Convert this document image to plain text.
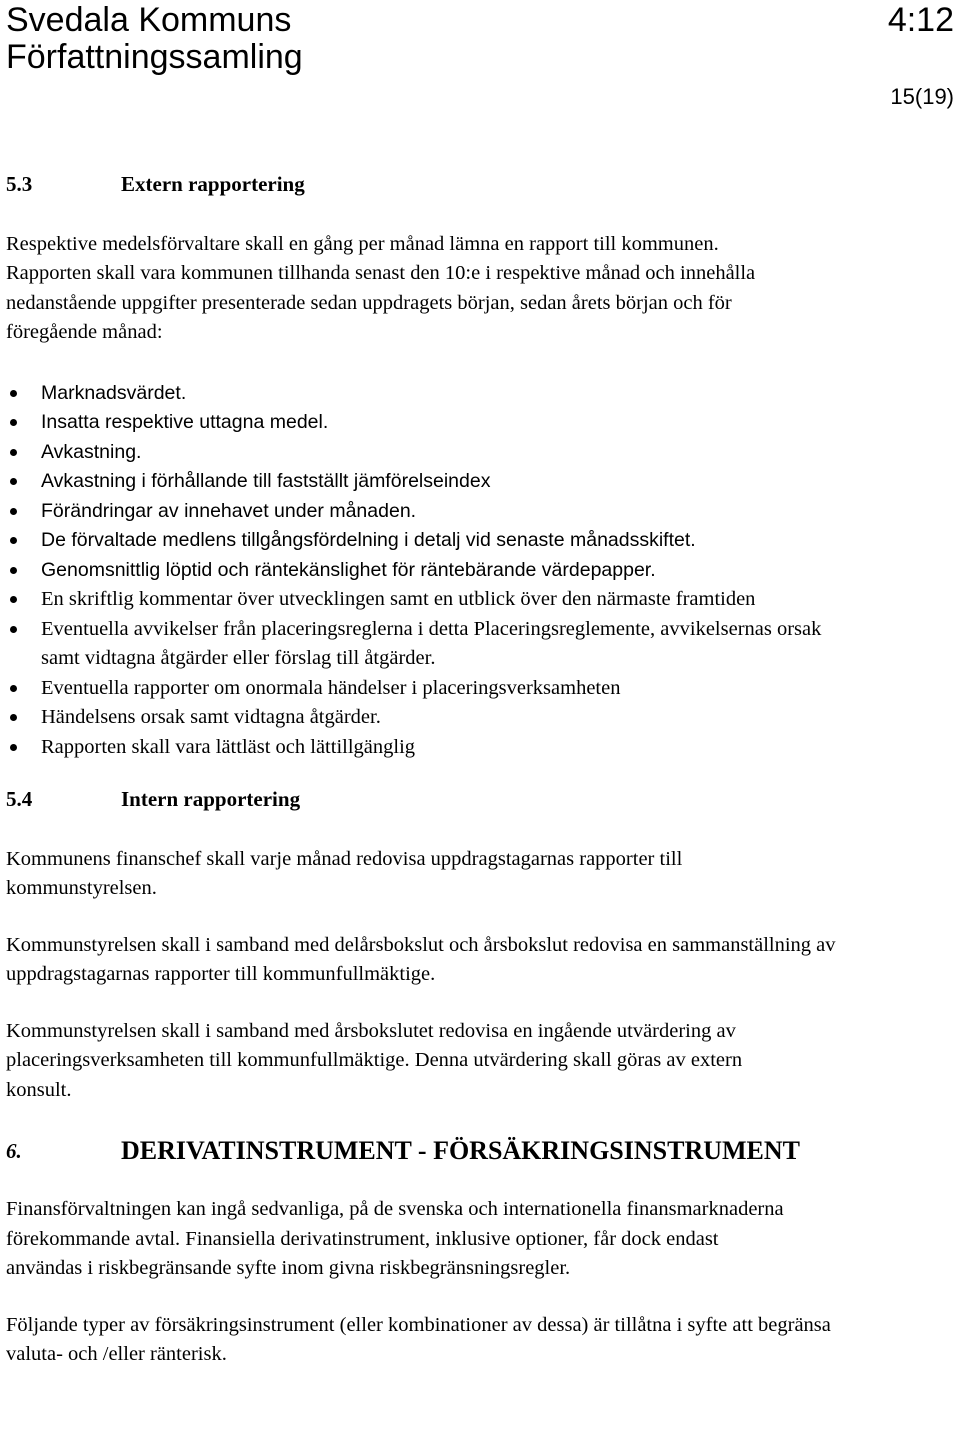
Svedala Kommuns
Författningssamling
4:12
15(19)
5.3	Extern rapportering

Respektive medelsförvaltare skall en gång per månad lämna en rapport till kommunen. Rapporten skall vara kommunen tillhanda senast den 10:e i respektive månad och innehålla nedanstående uppgifter presenterade sedan uppdragets början, sedan årets början och för föregående månad:

Marknadsvärdet.
Insatta respektive uttagna medel.
Avkastning.
Avkastning i förhållande till fastställt jämförelseindex
Förändringar av innehavet under månaden.
De förvaltade medlens tillgångsfördelning i detalj vid senaste månadsskiftet.
Genomsnittlig löptid och räntekänslighet för räntebärande värdepapper.
En skriftlig kommentar över utvecklingen samt en utblick över den närmaste framtiden
Eventuella avvikelser från placeringsreglerna i detta Placeringsreglemente, avvikelsernas orsak samt vidtagna åtgärder eller förslag till åtgärder.
Eventuella rapporter om onormala händelser i placeringsverksamheten
Händelsens orsak samt vidtagna åtgärder.
Rapporten skall vara lättläst och lättillgänglig
5.4	Intern rapportering

Kommunens finanschef skall varje månad redovisa uppdragstagarnas rapporter till kommunstyrelsen.

Kommunstyrelsen skall i samband med delårsbokslut och årsbokslut redovisa en sammanställning av uppdragstagarnas rapporter till kommunfullmäktige.

Kommunstyrelsen skall i samband med årsbokslutet redovisa en ingående utvärdering av placeringsverksamheten till kommunfullmäktige. Denna utvärdering skall göras av extern konsult.

6.	DERIVATINSTRUMENT - FÖRSÄKRINGSINSTRUMENT

Finansförvaltningen kan ingå sedvanliga, på de svenska och internationella finansmarknaderna förekommande avtal. Finansiella derivatinstrument, inklusive optioner, får dock endast användas i riskbegränsande syfte inom givna riskbegränsningsregler.

Följande typer av försäkringsinstrument (eller kombinationer av dessa) är tillåtna i syfte att begränsa valuta- och /eller ränterisk.
